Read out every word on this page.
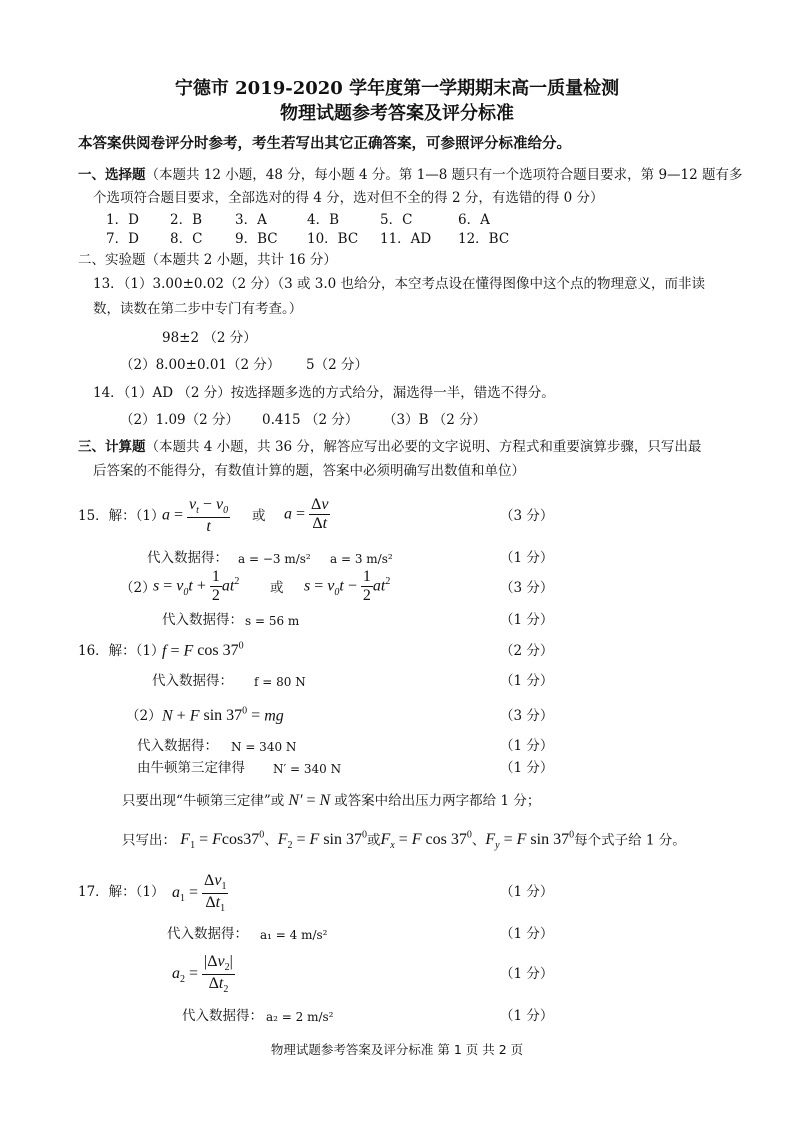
宁德市 2019-2020 学年度第一学期期末高一质量检测
物理试题参考答案及评分标准
本答案供阅卷评分时参考，考生若写出其它正确答案，可参照评分标准给分。
一、选择题（本题共 12 小题，48 分，每小题 4 分。第 1—8 题只有一个选项符合题目要求，第 9—12 题有多
个选项符合题目要求，全部选对的得 4 分，选对但不全的得 2 分，有选错的得 0 分）
1．D 2．B 3．A	4．B	5．C	6．A
7．D 8．C 9．BC 10．BC 11．AD 12．BC
二、实验题（本题共 2 小题，共计 16 分）
13．（1）3.00±0.02（2 分）（3 或 3.0 也给分，本空考点设在懂得图像中这个点的物理意义，而非读
数，读数在第二步中专门有考查。）
98±2 （2 分）
（2）8.00±0.01（2 分） 5（2 分）
14．（1）AD （2 分）按选择题多选的方式给分，漏选得一半，错选不得分。
（2）1.09（2 分） 0.415 （2 分） （3）B （2 分）
三、计算题（本题共 4 小题，共 36 分，解答应写出必要的文字说明、方程式和重要演算步骤，只写出最
后答案的不能得分，有数值计算的题，答案中必须明确写出数值和单位）
15．解：（1）
$a = \frac{v_t - v_0}{t}$ 或 $a = \frac{\Delta v}{\Delta t}$	（3 分）
代入数据得： a = −3 m/s² a = 3 m/s²	（1 分）
（2）
$s = v_0t + \frac{1}{2} at^2$ 或 $s = v_0t - \frac{1}{2} at^2$	（3 分）
代入数据得： s = 56 m	（1 分）
16．解：（1）
f = F $\cos 37^0$	（2 分）
代入数据得： f = 80 N	（1 分）
（2） N + F $\sin 37^0$ = mg	（3 分）
代入数据得： N = 340 N	（1 分）
由牛顿第三定律得 N′ = 340 N	（1 分）
只要出现“牛顿第三定律”或 N′ = N 或答案中给出压力两字都给 1 分；
只写出： $F_1 = Fcos37^0$、$F_2 = F$ $\sin 37^0$或$F_x = F$ $\cos 37^0$、$F_y = F$ $\sin 37^0$每个式子给 1 分。
17．解：（1） $a_1 = \frac{\Delta v_1}{\Delta t_1}$	（1 分）
代入数据得： a₁ = 4 m/s²	（1 分）
$a_2 = \frac{|\Delta v_2|}{\Delta t_2}$	（1 分）
代入数据得： a₂ = 2 m/s²	（1 分）
物理试题参考答案及评分标准 第 1 页 共 2 页
